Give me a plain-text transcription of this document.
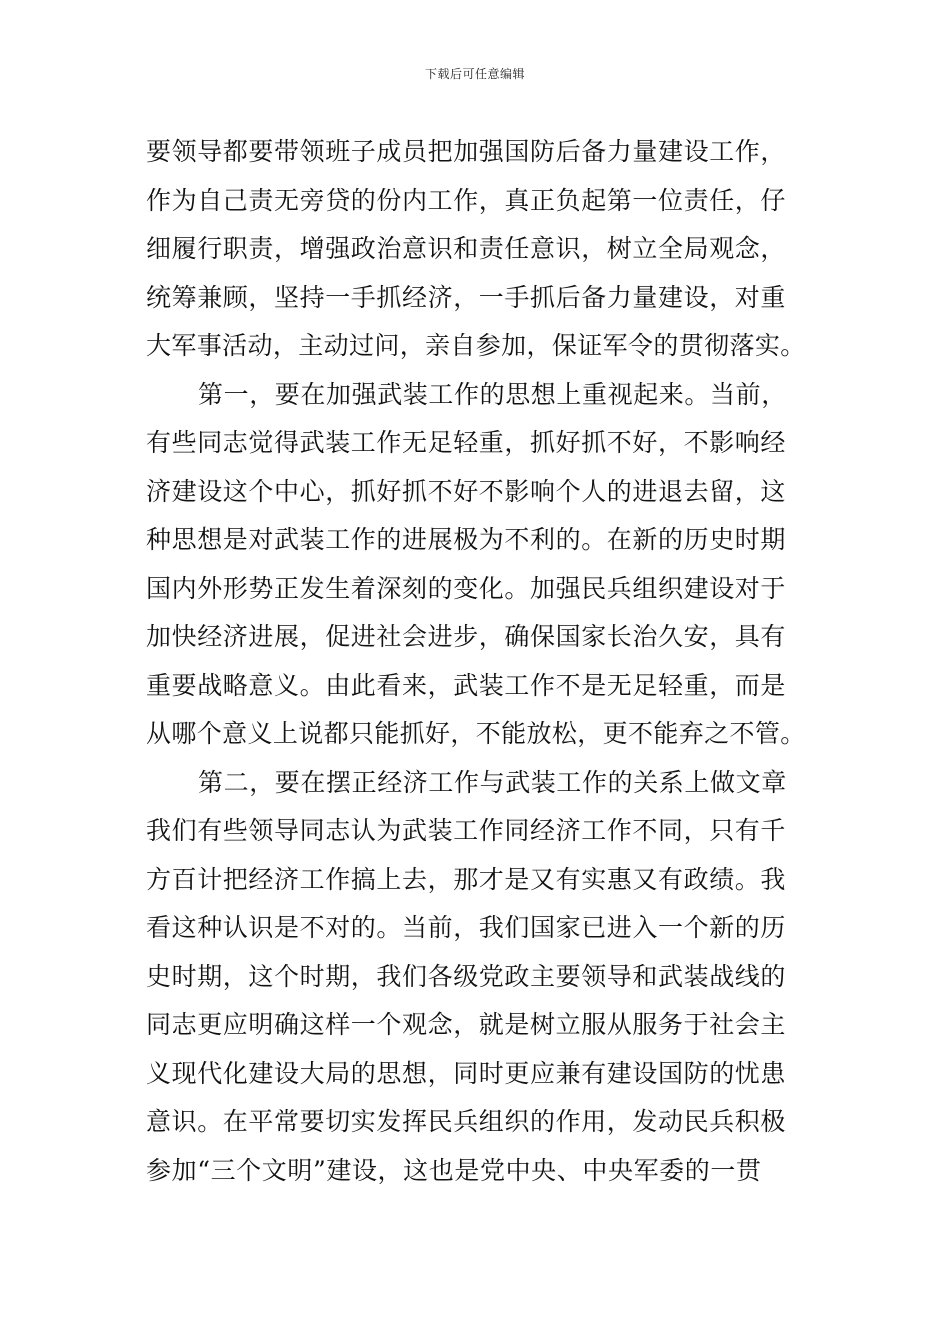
下载后可任意编辑
要领导都要带领班子成员把加强国防后备力量建设工作，
作为自己责无旁贷的份内工作，真正负起第一位责任，仔
细履行职责，增强政治意识和责任意识，树立全局观念，
统筹兼顾，坚持一手抓经济，一手抓后备力量建设，对重
大军事活动，主动过问，亲自参加，保证军令的贯彻落实。
第一，要在加强武装工作的思想上重视起来。当前，
有些同志觉得武装工作无足轻重，抓好抓不好，不影响经
济建设这个中心，抓好抓不好不影响个人的进退去留，这
种思想是对武装工作的进展极为不利的。在新的历史时期
国内外形势正发生着深刻的变化。加强民兵组织建设对于
加快经济进展，促进社会进步，确保国家长治久安，具有
重要战略意义。由此看来，武装工作不是无足轻重，而是
从哪个意义上说都只能抓好，不能放松，更不能弃之不管。
第二，要在摆正经济工作与武装工作的关系上做文章
我们有些领导同志认为武装工作同经济工作不同，只有千
方百计把经济工作搞上去，那才是又有实惠又有政绩。我
看这种认识是不对的。当前，我们国家已进入一个新的历
史时期，这个时期，我们各级党政主要领导和武装战线的
同志更应明确这样一个观念，就是树立服从服务于社会主
义现代化建设大局的思想，同时更应兼有建设国防的忧患
意识。在平常要切实发挥民兵组织的作用，发动民兵积极
参加“三个文明”建设，这也是党中央、中央军委的一贯
